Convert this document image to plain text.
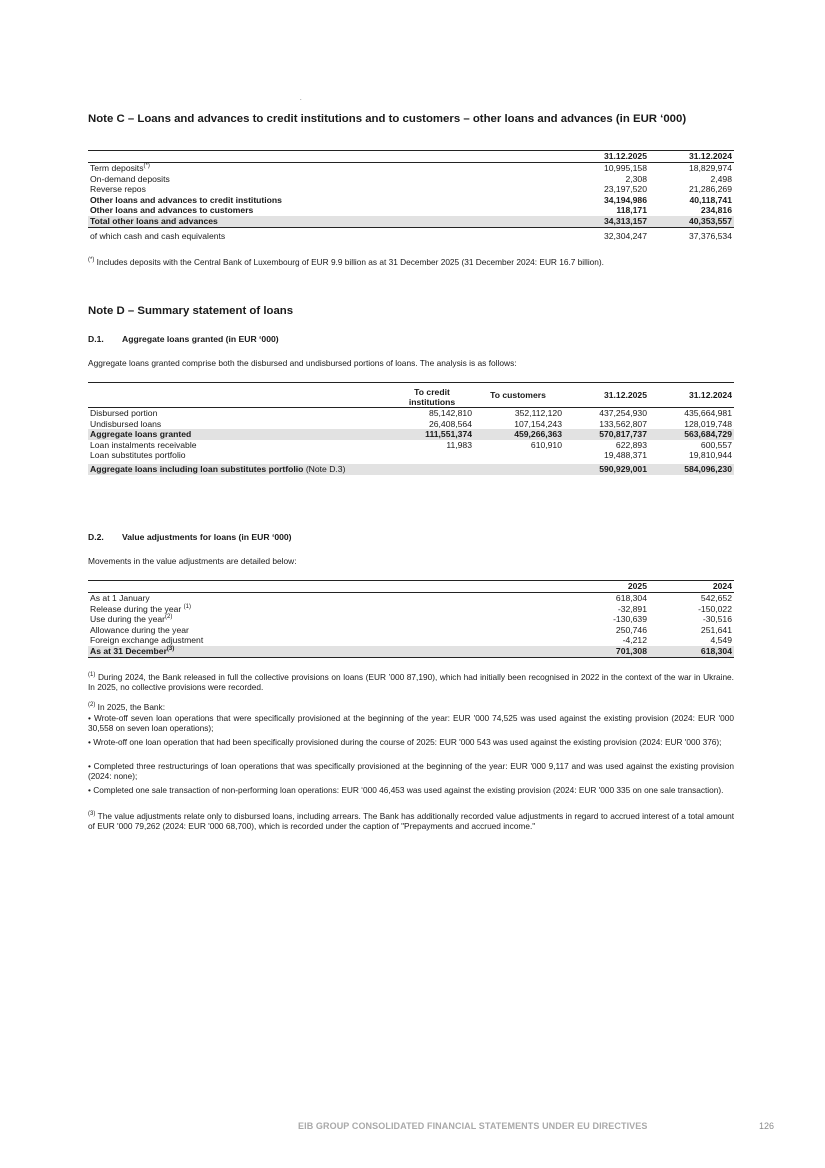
.
Note C – Loans and advances to credit institutions and to customers – other loans and advances (in EUR ‘000)
	31.12.2025	31.12.2024
Term deposits(*)	10,995,158	18,829,974
On-demand deposits	2,308	2,498
Reverse repos	23,197,520	21,286,269
Other loans and advances to credit institutions	34,194,986	40,118,741
Other loans and advances to customers	118,171	234,816
Total other loans and advances	34,313,157	40,353,557

of which cash and cash equivalents	32,304,247	37,376,534

(*) Includes deposits with the Central Bank of Luxembourg of EUR 9.9 billion as at 31 December 2025 (31 December 2024: EUR 16.7 billion).

Note D – Summary statement of loans
D.1. Aggregate loans granted (in EUR ‘000)

Aggregate loans granted comprise both the disbursed and undisbursed portions of loans. The analysis is as follows:

	To credit institutions	To customers	31.12.2025	31.12.2024
Disbursed portion	85,142,810	352,112,120	437,254,930	435,664,981
Undisbursed loans	26,408,564	107,154,243	133,562,807	128,019,748
Aggregate loans granted	111,551,374	459,266,363	570,817,737	563,684,729
Loan instalments receivable	11,983	610,910	622,893	600,557
Loan substitutes portfolio			19,488,371	19,810,944

Aggregate loans including loan substitutes portfolio (Note D.3)			590,929,001	584,096,230
D.2. Value adjustments for loans (in EUR ‘000)

Movements in the value adjustments are detailed below:

	2025	2024
As at 1 January	618,304	542,652
Release during the year $^{(1)}$	-32,891	-150,022
Use during the year$^{(2)}$	-130,639	-30,516
Allowance during the year	250,746	251,641
Foreign exchange adjustment	-4,212	4,549
As at 31 December$^{(3)}$	701,308	618,304

$^{(1)}$ During 2024, the Bank released in full the collective provisions on loans (EUR ’000 87,190), which had initially been recognised in 2022 in the context of the war in Ukraine. In 2025, no collective provisions were recorded.

$^{(2)}$ In 2025, the Bank:

• Wrote-off seven loan operations that were specifically provisioned at the beginning of the year: EUR '000 74,525 was used against the existing provision (2024: EUR '000 30,558 on seven loan operations);

• Wrote-off one loan operation that had been specifically provisioned during the course of 2025: EUR '000 543 was used against the existing provision (2024: EUR '000 376);

• Completed three restructurings of loan operations that was specifically provisioned at the beginning of the year: EUR '000 9,117 and was used against the existing provision (2024: none);

• Completed one sale transaction of non-performing loan operations: EUR ‘000 46,453 was used against the existing provision (2024: EUR '000 335 on one sale transaction).

$^{(3)}$ The value adjustments relate only to disbursed loans, including arrears. The Bank has additionally recorded value adjustments in regard to accrued interest of a total amount of EUR '000 79,262 (2024: EUR '000 68,700), which is recorded under the caption of "Prepayments and accrued income."

EIB GROUP CONSOLIDATED FINANCIAL STATEMENTS UNDER EU DIRECTIVES	126
